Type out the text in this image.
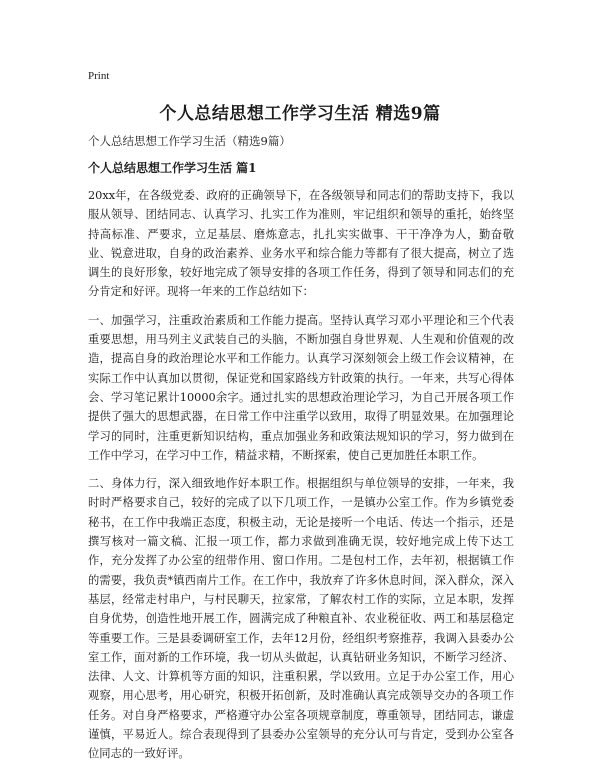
Print
个人总结思想工作学习生活 精选9篇

个人总结思想工作学习生活（精选9篇）

个人总结思想工作学习生活 篇1

20xx年，在各级党委、政府的正确领导下，在各级领导和同志们的帮助支持下，我以服从领导、团结同志、认真学习、扎实工作为准则，牢记组织和领导的重托，始终坚持高标准、严要求，立足基层、磨炼意志，扎扎实实做事、干干净净为人，勤奋敬业、锐意进取，自身的政治素养、业务水平和综合能力等都有了很大提高，树立了选调生的良好形象，较好地完成了领导安排的各项工作任务，得到了领导和同志们的充分肯定和好评。现将一年来的工作总结如下：

一、加强学习，注重政治素质和工作能力提高。坚持认真学习邓小平理论和三个代表重要思想，用马列主义武装自己的头脑，不断加强自身世界观、人生观和价值观的改造，提高自身的政治理论水平和工作能力。认真学习深刻领会上级工作会议精神，在实际工作中认真加以贯彻，保证党和国家路线方针政策的执行。一年来，共写心得体会、学习笔记累计10000余字。通过扎实的思想政治理论学习，为自己开展各项工作提供了强大的思想武器，在日常工作中注重学以致用，取得了明显效果。在加强理论学习的同时，注重更新知识结构，重点加强业务和政策法规知识的学习，努力做到在工作中学习，在学习中工作，精益求精，不断探索，使自己更加胜任本职工作。

二、身体力行，深入细致地作好本职工作。根据组织与单位领导的安排，一年来，我时时严格要求自己，较好的完成了以下几项工作，一是镇办公室工作。作为乡镇党委秘书，在工作中我端正态度，积极主动，无论是接听一个电话、传达一个指示，还是撰写核对一篇文稿、汇报一项工作，都力求做到准确无误，较好地完成上传下达工作，充分发挥了办公室的纽带作用、窗口作用。二是包村工作，去年初，根据镇工作的需要，我负责*镇西南片工作。在工作中，我放弃了许多休息时间，深入群众，深入基层，经常走村串户，与村民聊天，拉家常，了解农村工作的实际，立足本职，发挥自身优势，创造性地开展工作，圆满完成了种粮直补、农业税征收、两工和基层稳定等重要工作。三是县委调研室工作，去年12月份，经组织考察推荐，我调入县委办公室工作，面对新的工作环境，我一切从头做起，认真钻研业务知识，不断学习经济、法律、人文、计算机等方面的知识，注重积累，学以致用。立足于办公室工作，用心观察，用心思考，用心研究，积极开拓创新，及时准确认真完成领导交办的各项工作任务。对自身严格要求，严格遵守办公室各项规章制度，尊重领导，团结同志，谦虚谨慎，平易近人。综合表现得到了县委办公室领导的充分认可与肯定，受到办公室各位同志的一致好评。
